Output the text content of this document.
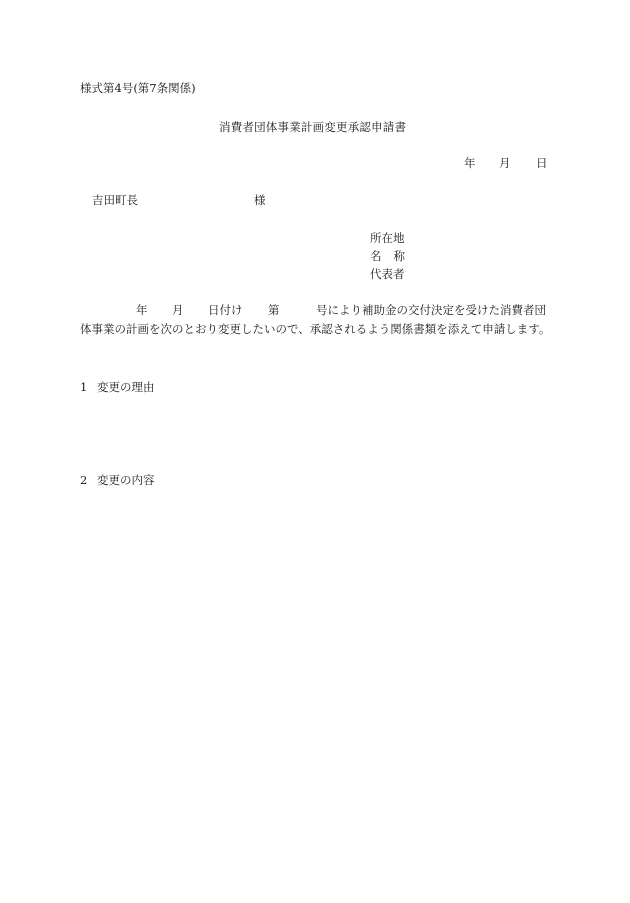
様式第4号(第7条関係)
消費者団体事業計画変更承認申請書
年 月 日
吉田町長	様
所在地
名称
代表者
年 月 日付け 第	号により補助金の交付決定を受けた消費者団体事業の計画を次のとおり変更したいので、承認されるよう関係書類を添えて申請します。
1 変更の理由
2 変更の内容
